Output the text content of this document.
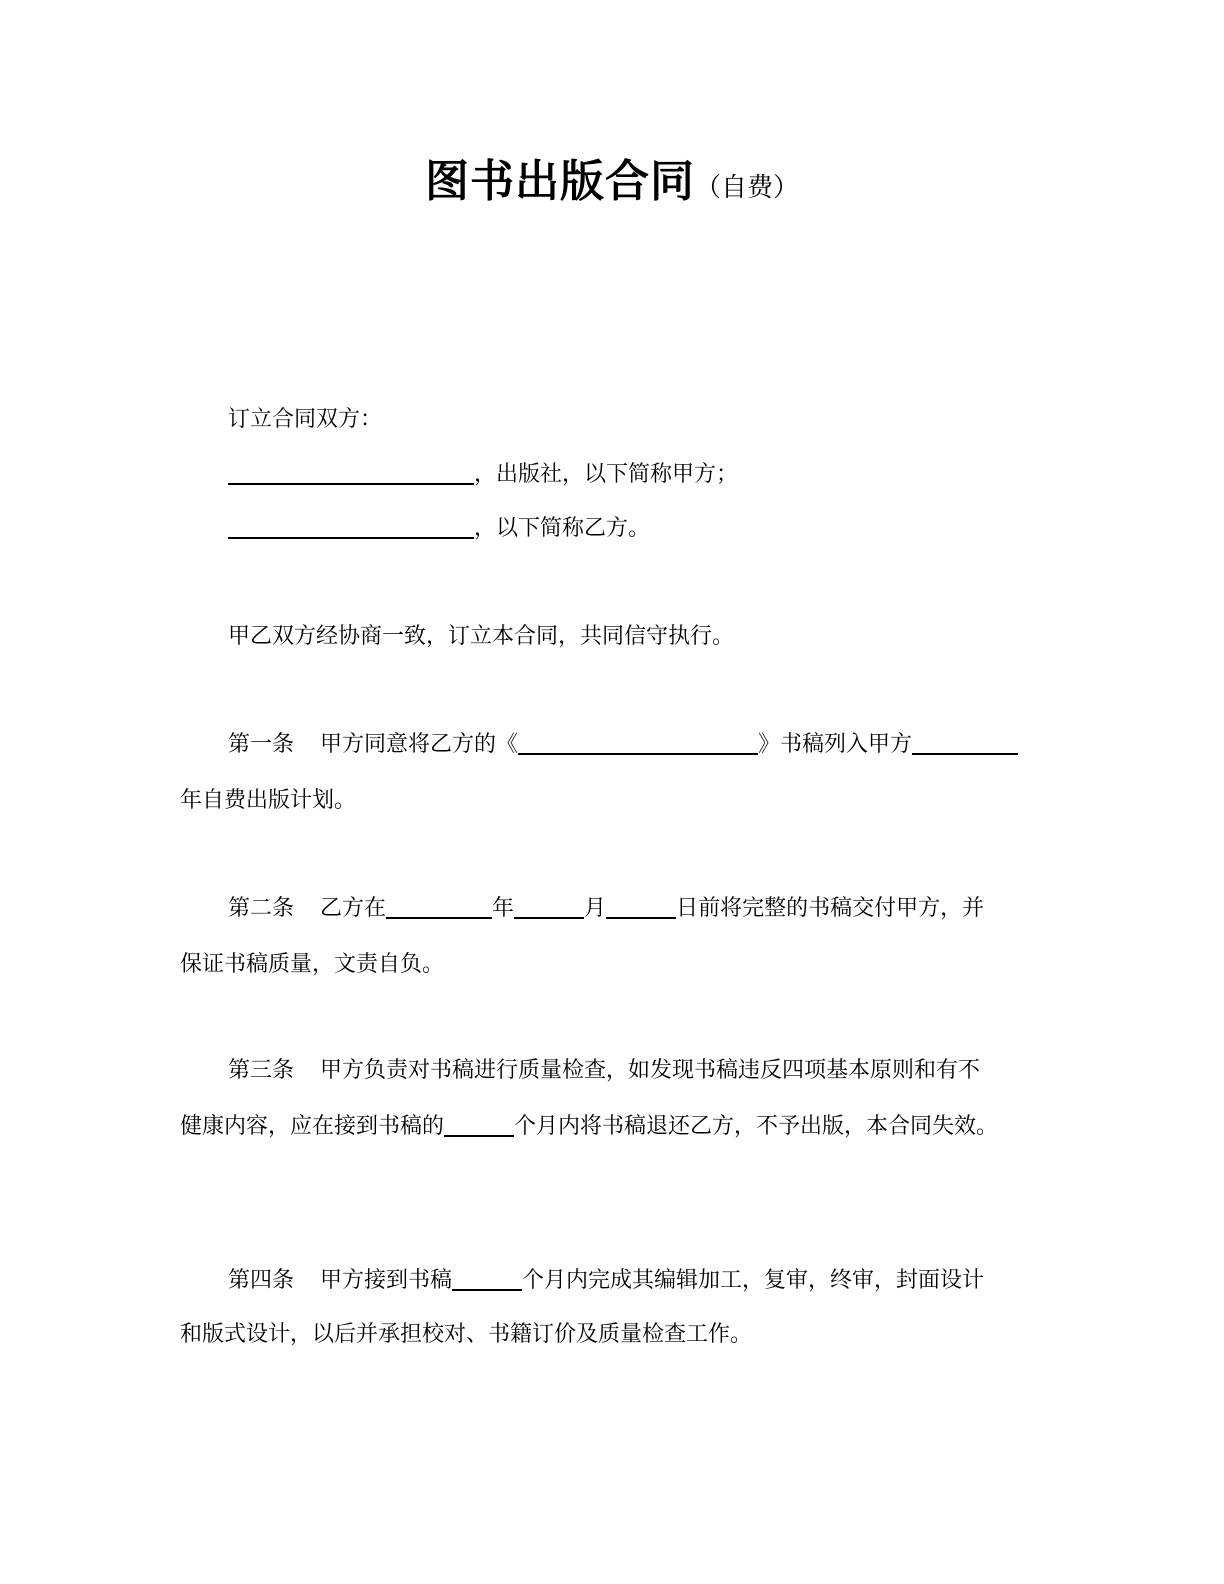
图书出版合同（自费）
订立合同双方：
，出版社，以下简称甲方；
，以下简称乙方。
甲乙双方经协商一致，订立本合同，共同信守执行。
第一条 甲方同意将乙方的《	》书稿列入甲方
年自费出版计划。
第二条 乙方在	年	月	日前将完整的书稿交付甲方，并
保证书稿质量，文责自负。
第三条 甲方负责对书稿进行质量检查，如发现书稿违反四项基本原则和有不
健康内容，应在接到书稿的	个月内将书稿退还乙方，不予出版，本合同失效。
第四条 甲方接到书稿	个月内完成其编辑加工，复审，终审，封面设计
和版式设计，以后并承担校对、书籍订价及质量检查工作。
